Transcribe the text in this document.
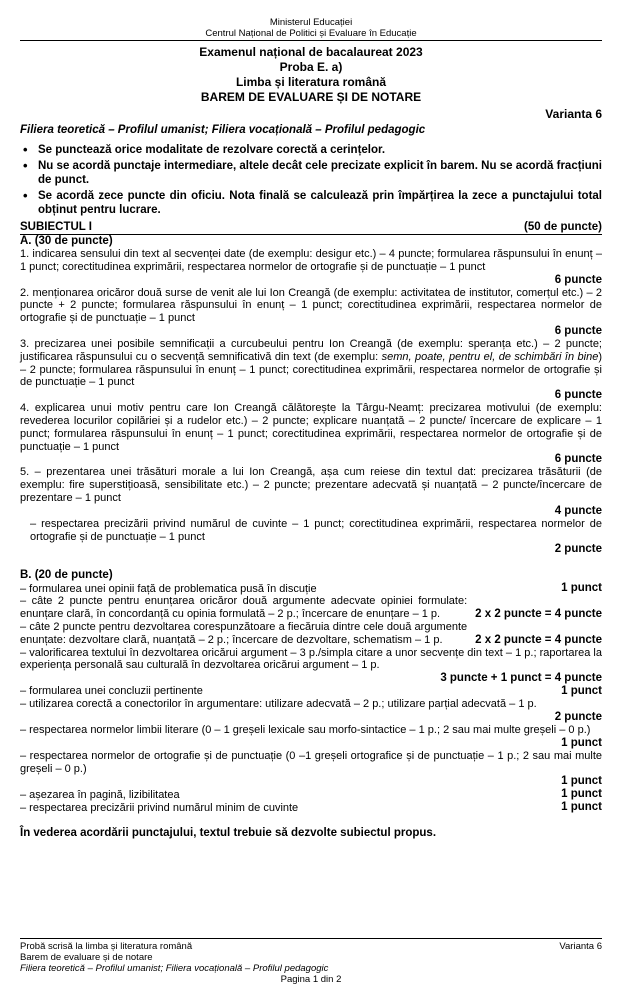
Ministerul Educației
Centrul Național de Politici și Evaluare în Educație
Examenul național de bacalaureat 2023
Proba E. a)
Limba și literatura română
BAREM DE EVALUARE ȘI DE NOTARE
Varianta 6
Filiera teoretică – Profilul umanist; Filiera vocațională – Profilul pedagogic
• Se punctează orice modalitate de rezolvare corectă a cerințelor.
• Nu se acordă punctaje intermediare, altele decât cele precizate explicit în barem. Nu se acordă fracțiuni de punct.
• Se acordă zece puncte din oficiu. Nota finală se calculează prin împărțirea la zece a punctajului total obținut pentru lucrare.
SUBIECTUL I	(50 de puncte)
A. (30 de puncte)
1. indicarea sensului din text al secvenței date (de exemplu: desigur etc.) – 4 puncte; formularea răspunsului în enunț – 1 punct; corectitudinea exprimării, respectarea normelor de ortografie și de punctuație – 1 punct
6 puncte
2. menționarea oricăror două surse de venit ale lui Ion Creangă (de exemplu: activitatea de institutor, comerțul etc.) – 2 puncte + 2 puncte; formularea răspunsului în enunț – 1 punct; corectitudinea exprimării, respectarea normelor de ortografie și de punctuație – 1 punct
6 puncte
3. precizarea unei posibile semnificații a curcubeului pentru Ion Creangă (de exemplu: speranța etc.) – 2 puncte; justificarea răspunsului cu o secvență semnificativă din text (de exemplu: semn, poate, pentru el, de schimbări în bine) – 2 puncte; formularea răspunsului în enunț – 1 punct; corectitudinea exprimării, respectarea normelor de ortografie și de punctuație – 1 punct
6 puncte
4. explicarea unui motiv pentru care Ion Creangă călătorește la Târgu-Neamț: precizarea motivului (de exemplu: revederea locurilor copilăriei și a rudelor etc.) – 2 puncte; explicare nuanțată – 2 puncte/ încercare de explicare – 1 punct; formularea răspunsului în enunț – 1 punct; corectitudinea exprimării, respectarea normelor de ortografie și de punctuație – 1 punct
6 puncte
5. – prezentarea unei trăsături morale a lui Ion Creangă, așa cum reiese din textul dat: precizarea trăsăturii (de exemplu: fire superstițioasă, sensibilitate etc.) – 2 puncte; prezentare adecvată și nuanțată – 2 puncte/încercare de prezentare – 1 punct
4 puncte
– respectarea precizării privind numărul de cuvinte – 1 punct; corectitudinea exprimării, respectarea normelor de ortografie și de punctuație – 1 punct
2 puncte
B. (20 de puncte)
– formularea unei opinii față de problematica pusă în discuție	1 punct
– câte 2 puncte pentru enunțarea oricăror două argumente adecvate opiniei formulate: enunțare clară, în concordanță cu opinia formulată – 2 p.; încercare de enunțare – 1 p.	2 x 2 puncte = 4 puncte
– câte 2 puncte pentru dezvoltarea corespunzătoare a fiecăruia dintre cele două argumente enunțate: dezvoltare clară, nuanțată – 2 p.; încercare de dezvoltare, schematism – 1 p.	2 x 2 puncte = 4 puncte
– valorificarea textului în dezvoltarea oricărui argument – 3 p./simpla citare a unor secvențe din text – 1 p.; raportarea la experiența personală sau culturală în dezvoltarea oricărui argument – 1 p.
3 puncte + 1 punct = 4 puncte
– formularea unei concluzii pertinente	1 punct
– utilizarea corectă a conectorilor în argumentare: utilizare adecvată – 2 p.; utilizare parțial adecvată – 1 p.
2 puncte
– respectarea normelor limbii literare (0 – 1 greșeli lexicale sau morfo-sintactice – 1 p.; 2 sau mai multe greșeli – 0 p.)
1 punct
– respectarea normelor de ortografie și de punctuație (0 –1 greșeli ortografice și de punctuație – 1 p.; 2 sau mai multe greșeli – 0 p.)
1 punct
– așezarea în pagină, lizibilitatea	1 punct
– respectarea precizării privind numărul minim de cuvinte	1 punct
În vederea acordării punctajului, textul trebuie să dezvolte subiectul propus.
Probă scrisă la limba și literatura română	Varianta 6
Barem de evaluare și de notare
Filiera teoretică – Profilul umanist; Filiera vocațională – Profilul pedagogic
Pagina 1 din 2
